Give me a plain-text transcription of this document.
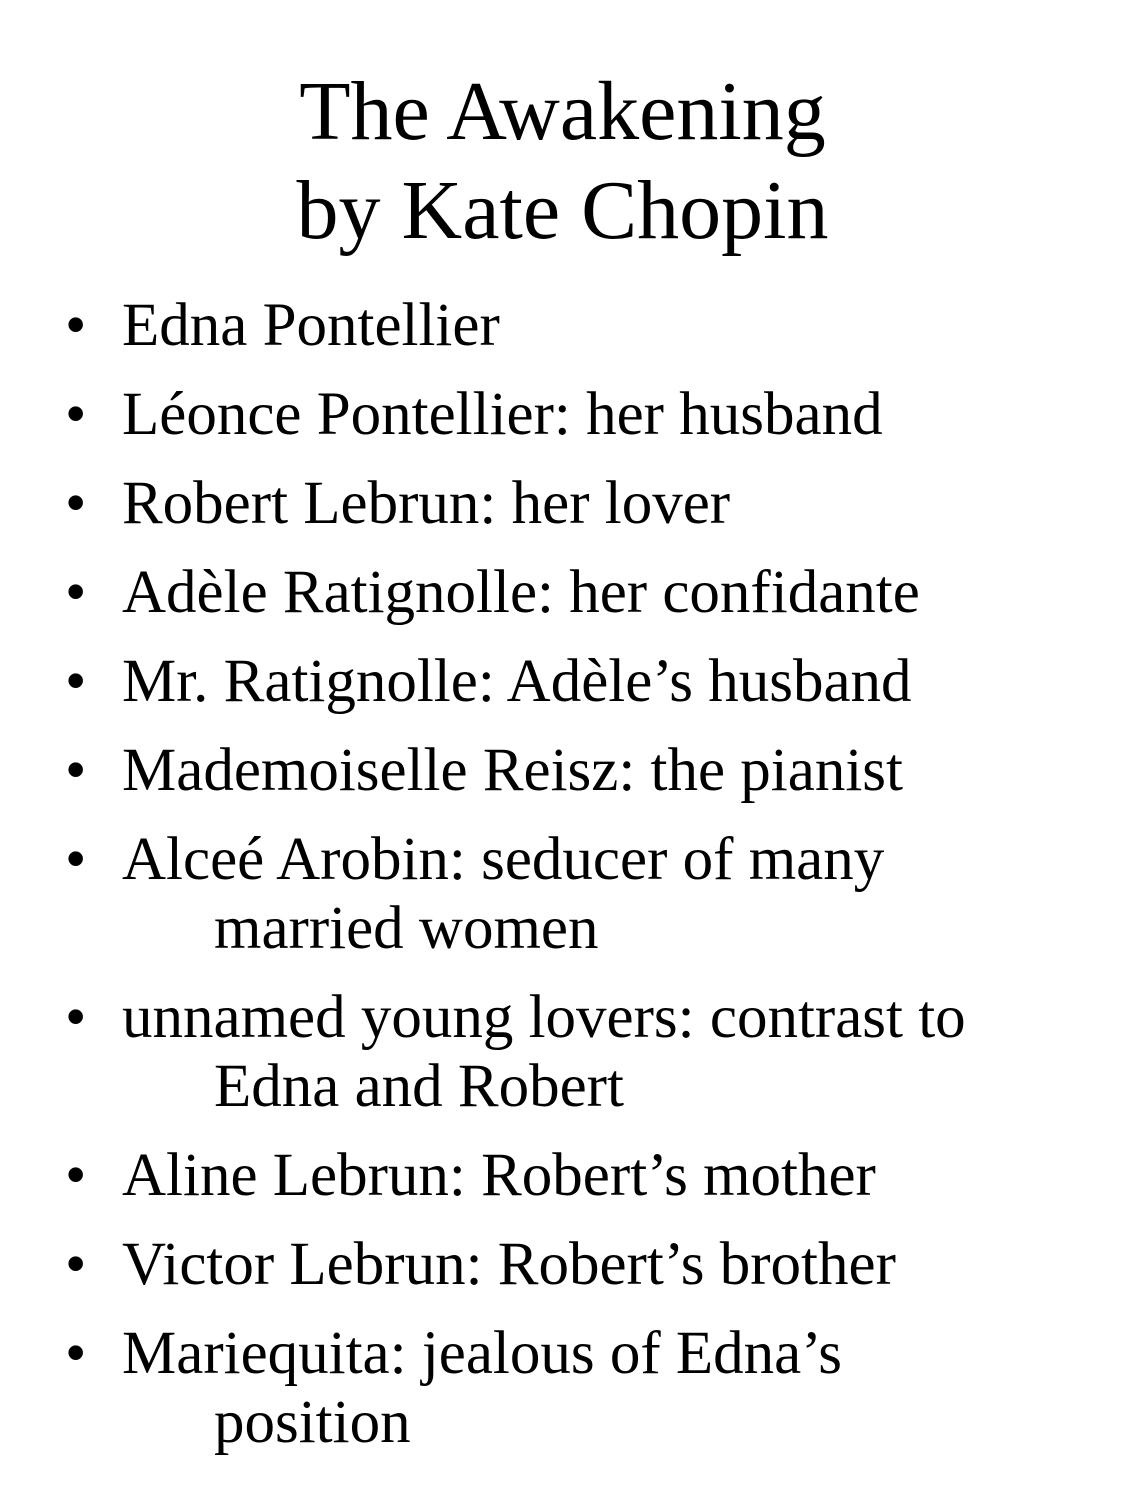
The Awakening
by Kate Chopin
• Edna Pontellier
• Léonce Pontellier: her husband
• Robert Lebrun: her lover
• Adèle Ratignolle: her confidante
• Mr. Ratignolle: Adèle’s husband
• Mademoiselle Reisz: the pianist
• Alceé Arobin: seducer of many
married women
• unnamed young lovers: contrast to
Edna and Robert
• Aline Lebrun: Robert’s mother
• Victor Lebrun: Robert’s brother
• Mariequita: jealous of Edna’s
position
